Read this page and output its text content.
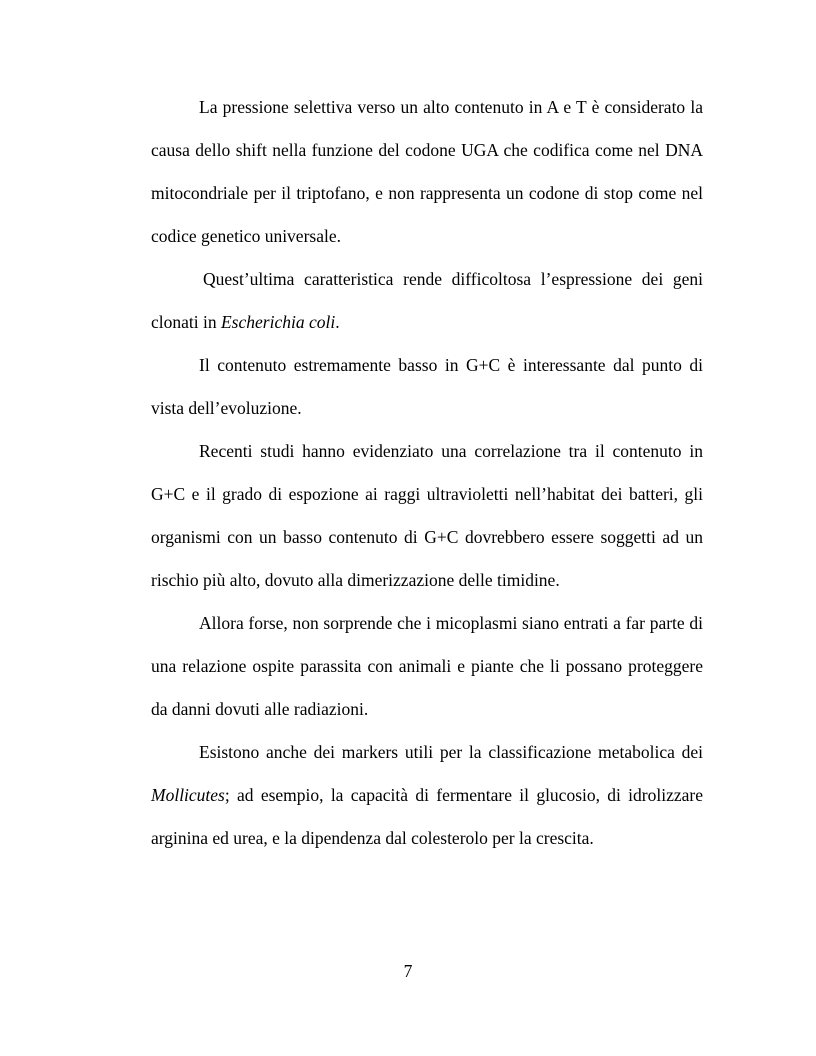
La pressione selettiva verso un alto contenuto in A e T è considerato la causa dello shift nella funzione del codone UGA che codifica come nel DNA mitocondriale per il triptofano, e non rappresenta un codone di stop come nel codice genetico universale.

Quest’ultima caratteristica rende difficoltosa l’espressione dei geni clonati in Escherichia coli.

Il contenuto estremamente basso in G+C è interessante dal punto di vista dell’evoluzione.

Recenti studi hanno evidenziato una correlazione tra il contenuto in G+C e il grado di espozione ai raggi ultravioletti nell’habitat dei batteri, gli organismi con un basso contenuto di G+C dovrebbero essere soggetti ad un rischio più alto, dovuto alla dimerizzazione delle timidine.

Allora forse, non sorprende che i micoplasmi siano entrati a far parte di una relazione ospite parassita con animali e piante che li possano proteggere da danni dovuti alle radiazioni.

Esistono anche dei markers utili per la classificazione metabolica dei Mollicutes; ad esempio, la capacità di fermentare il glucosio, di idrolizzare arginina ed urea, e la dipendenza dal colesterolo per la crescita.

7
